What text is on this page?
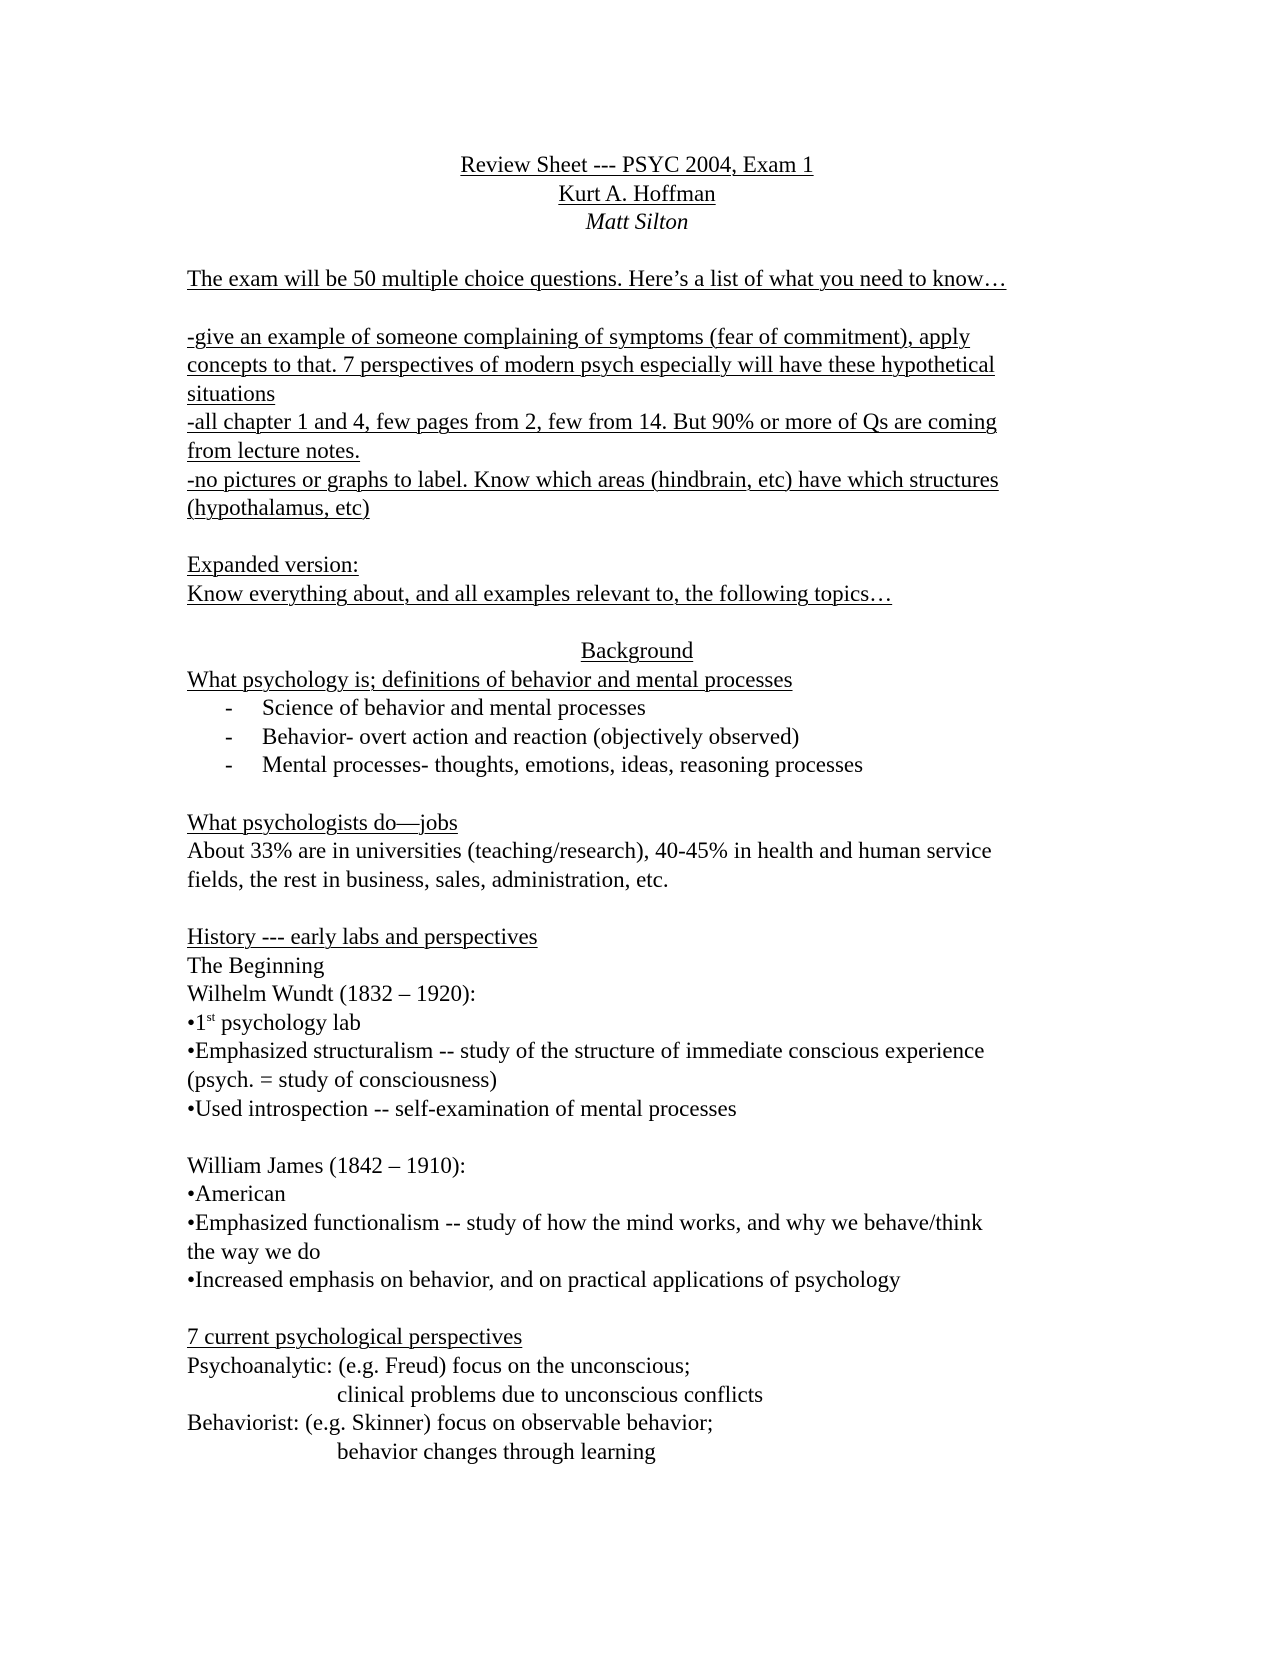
Review Sheet --- PSYC 2004, Exam 1
Kurt A. Hoffman
Matt Silton
The exam will be 50 multiple choice questions. Here’s a list of what you need to know…
-give an example of someone complaining of symptoms (fear of commitment), apply
concepts to that. 7 perspectives of modern psych especially will have these hypothetical
situations
-all chapter 1 and 4, few pages from 2, few from 14. But 90% or more of Qs are coming
from lecture notes.
-no pictures or graphs to label. Know which areas (hindbrain, etc) have which structures
(hypothalamus, etc)
Expanded version:
Know everything about, and all examples relevant to, the following topics…
Background
What psychology is; definitions of behavior and mental processes
- Science of behavior and mental processes
- Behavior- overt action and reaction (objectively observed)
- Mental processes- thoughts, emotions, ideas, reasoning processes
What psychologists do—jobs
About 33% are in universities (teaching/research), 40-45% in health and human service
fields, the rest in business, sales, administration, etc.
History --- early labs and perspectives
The Beginning
Wilhelm Wundt (1832 – 1920):
•1st psychology lab
•Emphasized structuralism -- study of the structure of immediate conscious experience
(psych. = study of consciousness)
•Used introspection -- self-examination of mental processes
William James (1842 – 1910):
•American
•Emphasized functionalism -- study of how the mind works, and why we behave/think
the way we do
•Increased emphasis on behavior, and on practical applications of psychology
7 current psychological perspectives
Psychoanalytic: (e.g. Freud) focus on the unconscious;
clinical problems due to unconscious conflicts
Behaviorist: (e.g. Skinner) focus on observable behavior;
behavior changes through learning
